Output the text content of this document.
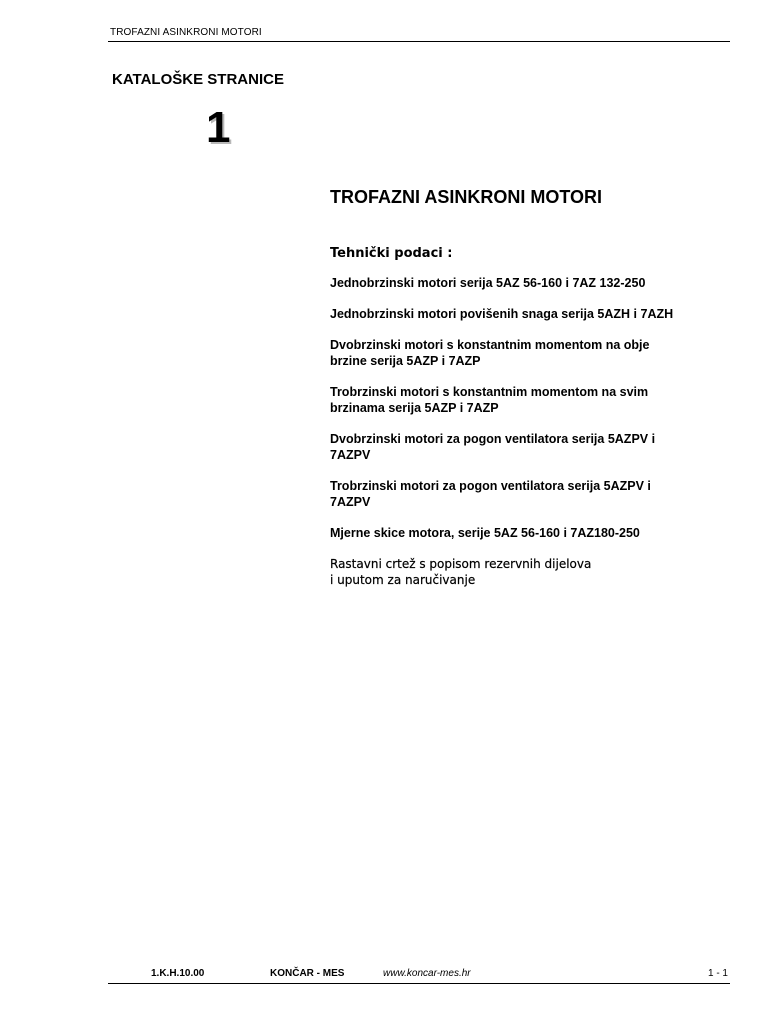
TROFAZNI ASINKRONI MOTORI
KATALOŠKE STRANICE
1
TROFAZNI ASINKRONI MOTORI
Tehnički podaci :
Jednobrzinski motori serija 5AZ 56-160 i 7AZ 132-250
Jednobrzinski motori povišenih snaga serija 5AZH i 7AZH
Dvobrzinski motori s konstantnim momentom na obje
brzine serija 5AZP i 7AZP
Trobrzinski motori s konstantnim momentom na svim
brzinama serija 5AZP i 7AZP
Dvobrzinski motori za pogon ventilatora serija 5AZPV i
7AZPV
Trobrzinski motori za pogon ventilatora serija 5AZPV i
7AZPV
Mjerne skice motora, serije 5AZ 56-160 i 7AZ180-250
Rastavni crtež s popisom rezervnih dijelova
i uputom za naručivanje
1.K.H.10.00	KONČAR - MES	www.koncar-mes.hr	1 - 1
